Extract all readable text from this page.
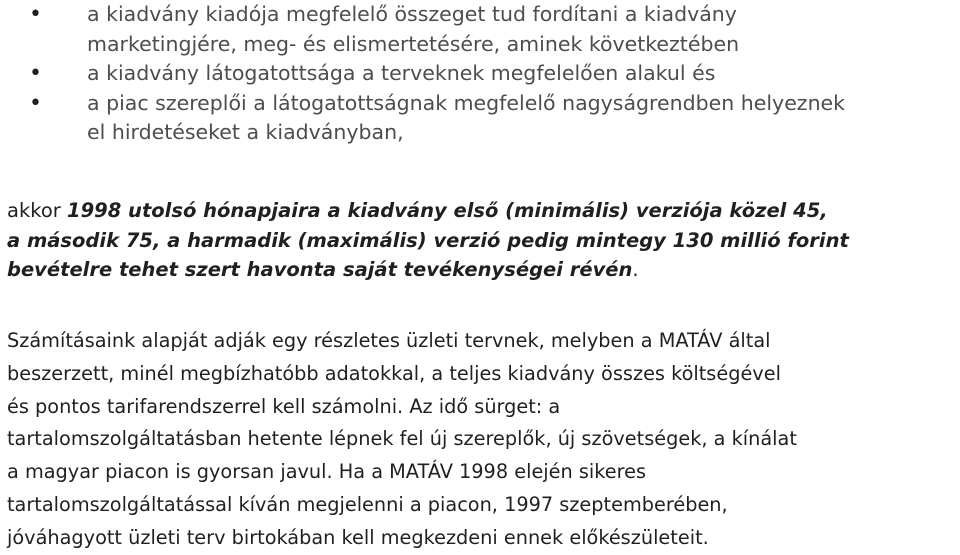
• a kiadvány kiadója megfelelő összeget tud fordítani a kiadvány
marketingjére, meg- és elismertetésére, aminek következtében
• a kiadvány látogatottsága a terveknek megfelelően alakul és
• a piac szereplői a látogatottságnak megfelelő nagyságrendben helyeznek
el hirdetéseket a kiadványban,
akkor 1998 utolsó hónapjaira a kiadvány első (minimális) verziója közel 45,
a második 75, a harmadik (maximális) verzió pedig mintegy 130 millió forint
bevételre tehet szert havonta saját tevékenységei révén.
Számításaink alapját adják egy részletes üzleti tervnek, melyben a MATÁV által
beszerzett, minél megbízhatóbb adatokkal, a teljes kiadvány összes költségével
és pontos tarifarendszerrel kell számolni. Az idő sürget: a
tartalomszolgáltatásban hetente lépnek fel új szereplők, új szövetségek, a kínálat
a magyar piacon is gyorsan javul. Ha a MATÁV 1998 elején sikeres
tartalomszolgáltatással kíván megjelenni a piacon, 1997 szeptemberében,
jóváhagyott üzleti terv birtokában kell megkezdeni ennek előkészületeit.
